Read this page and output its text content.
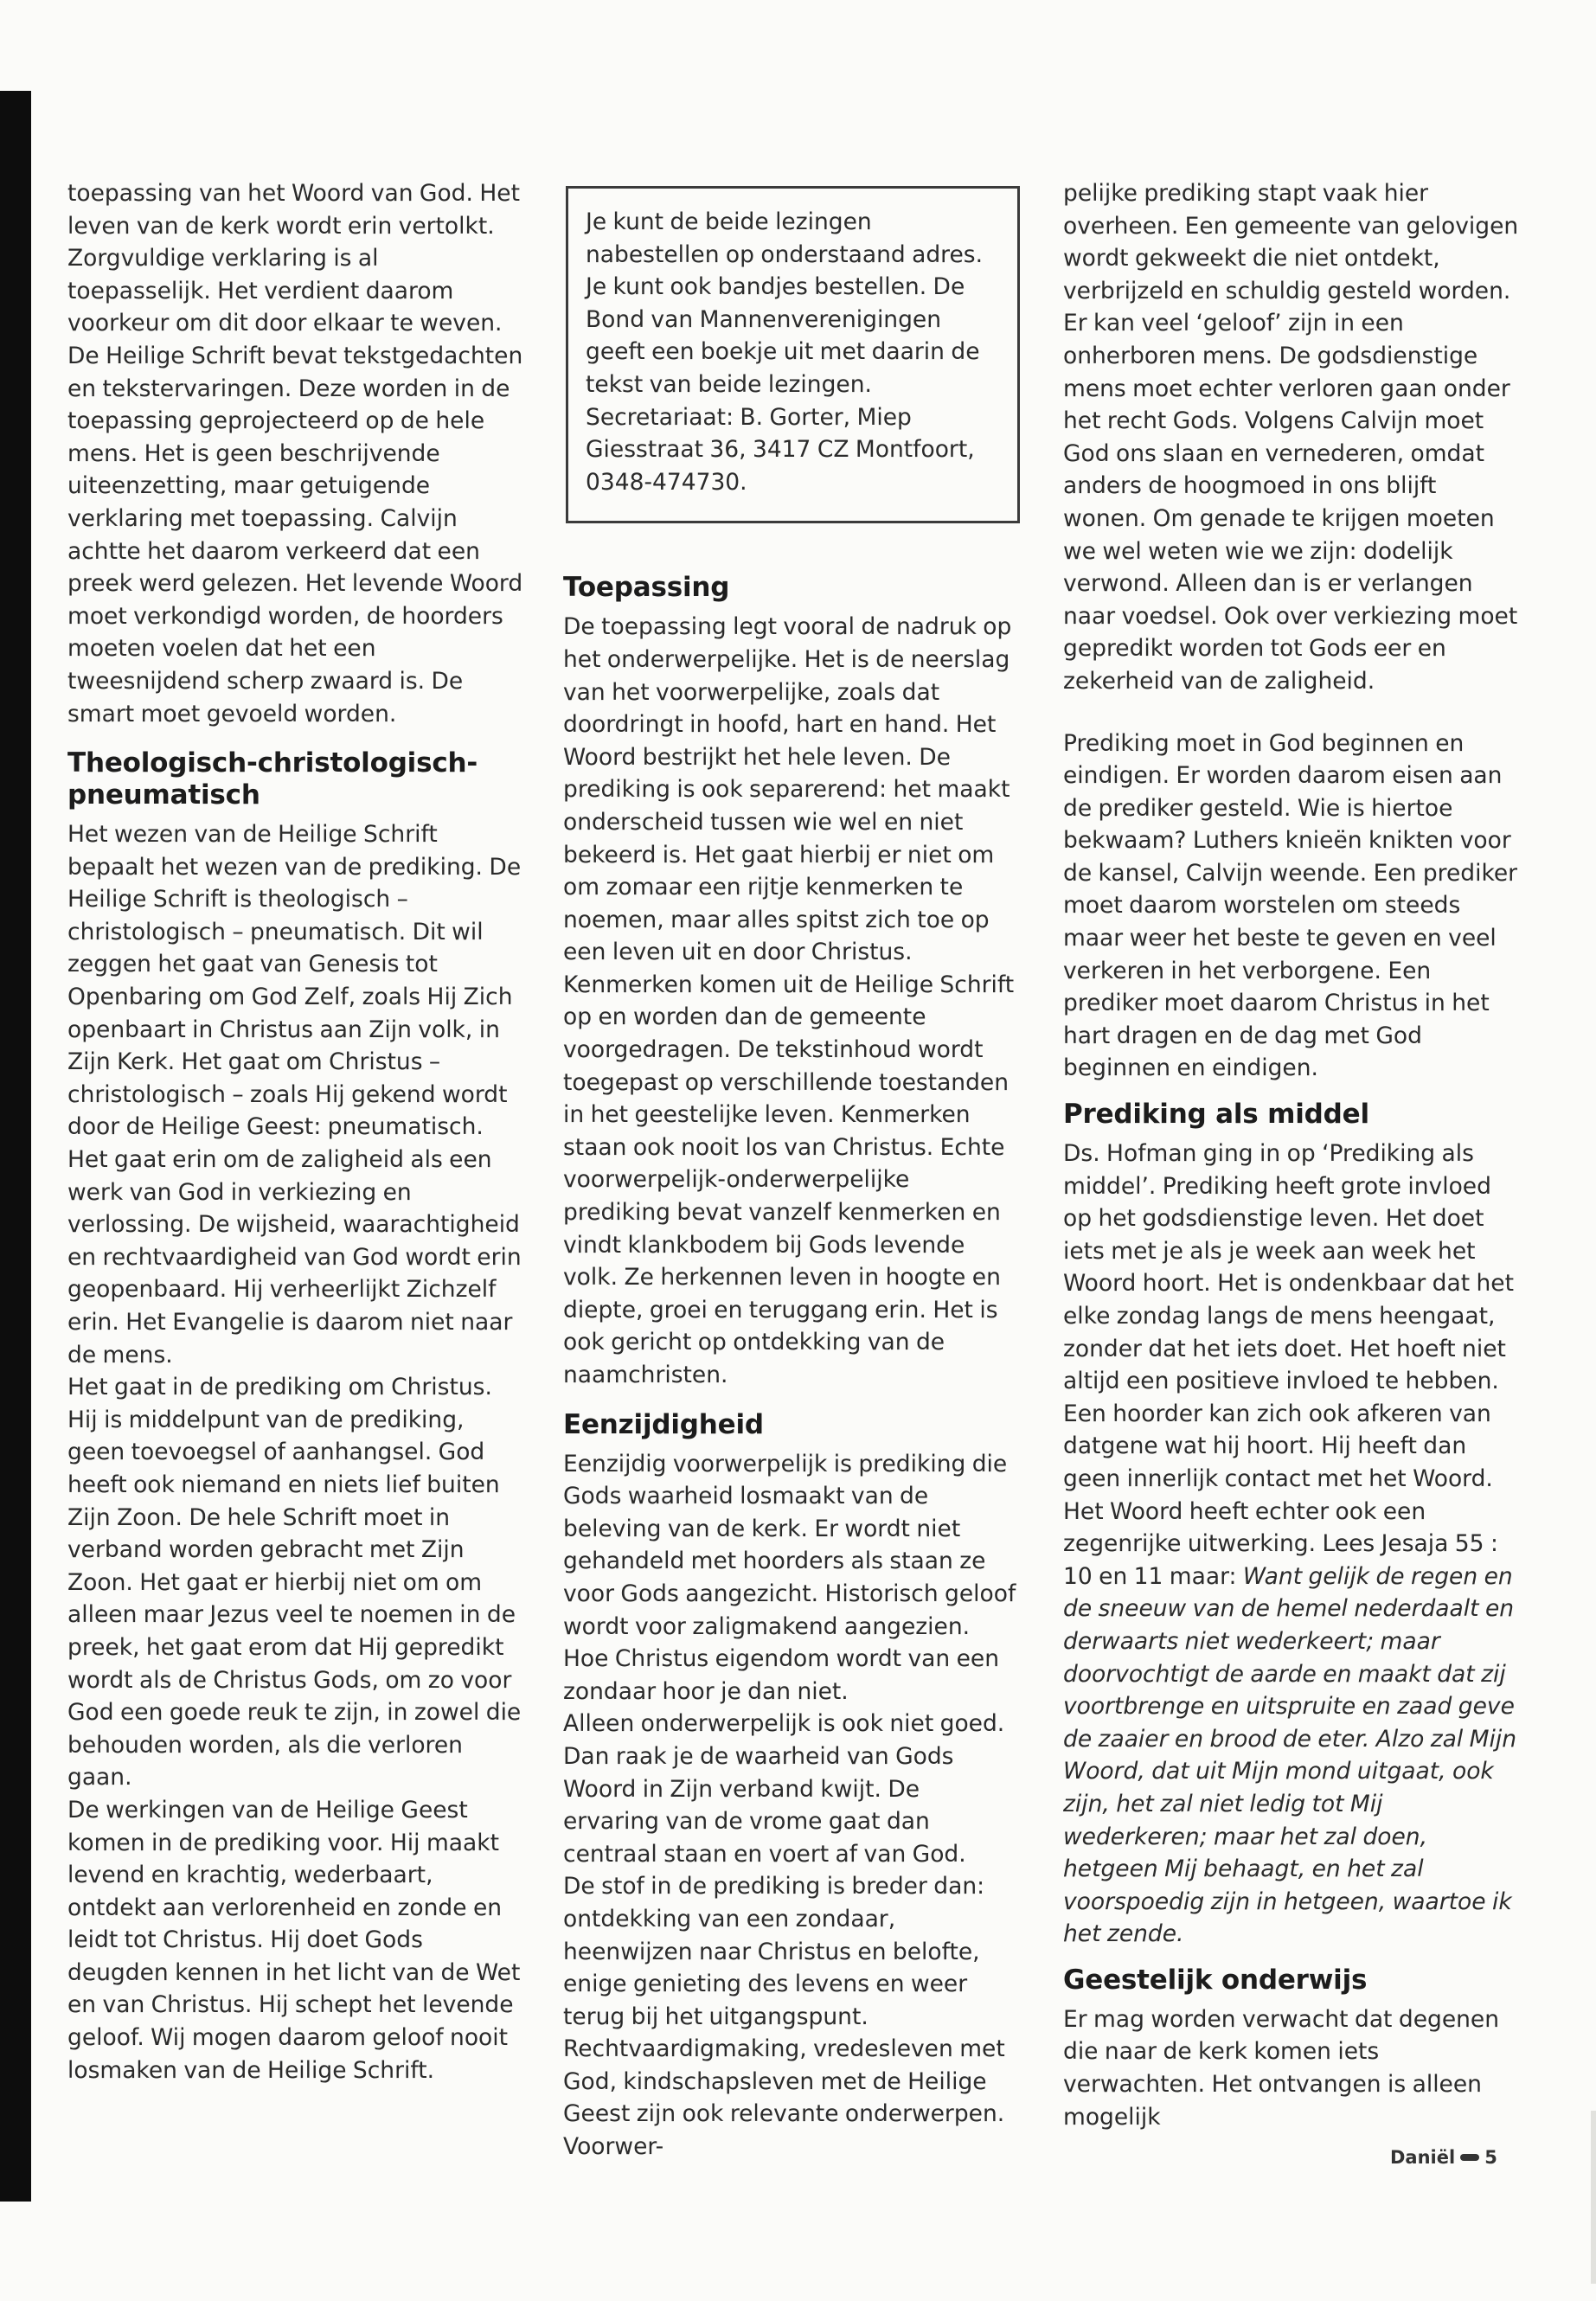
toepassing van het Woord van God. Het leven van de kerk wordt erin vertolkt. Zorgvuldige verklaring is al toepasselijk. Het verdient daarom voorkeur om dit door elkaar te weven. De Heilige Schrift bevat tekstgedachten en tekstervaringen. Deze worden in de toepassing geprojecteerd op de hele mens. Het is geen beschrijvende uiteenzetting, maar getuigende verklaring met toepassing. Calvijn achtte het daarom verkeerd dat een preek werd gelezen. Het levende Woord moet verkondigd worden, de hoorders moeten voelen dat het een tweesnijdend scherp zwaard is. De smart moet gevoeld worden.

Theologisch-christologisch-pneumatisch

Het wezen van de Heilige Schrift bepaalt het wezen van de prediking. De Heilige Schrift is theologisch – christologisch – pneumatisch. Dit wil zeggen het gaat van Genesis tot Openbaring om God Zelf, zoals Hij Zich openbaart in Christus aan Zijn volk, in Zijn Kerk. Het gaat om Christus – christologisch – zoals Hij gekend wordt door de Heilige Geest: pneumatisch.

Het gaat erin om de zaligheid als een werk van God in verkiezing en verlossing. De wijsheid, waarachtigheid en rechtvaardigheid van God wordt erin geopenbaard. Hij verheerlijkt Zichzelf erin. Het Evangelie is daarom niet naar de mens.

Het gaat in de prediking om Christus. Hij is middelpunt van de prediking, geen toevoegsel of aanhangsel. God heeft ook niemand en niets lief buiten Zijn Zoon. De hele Schrift moet in verband worden gebracht met Zijn Zoon. Het gaat er hierbij niet om om alleen maar Jezus veel te noemen in de preek, het gaat erom dat Hij gepredikt wordt als de Christus Gods, om zo voor God een goede reuk te zijn, in zowel die behouden worden, als die verloren gaan.

De werkingen van de Heilige Geest komen in de prediking voor. Hij maakt levend en krachtig, wederbaart, ontdekt aan verlorenheid en zonde en leidt tot Christus. Hij doet Gods deugden kennen in het licht van de Wet en van Christus. Hij schept het levende geloof. Wij mogen daarom geloof nooit losmaken van de Heilige Schrift.

Je kunt de beide lezingen nabestellen op onderstaand adres. Je kunt ook bandjes bestellen. De Bond van Mannenverenigingen geeft een boekje uit met daarin de tekst van beide lezingen.

Secretariaat: B. Gorter, Miep Giesstraat 36, 3417 CZ Montfoort, 0348-474730.

Toepassing

De toepassing legt vooral de nadruk op het onderwerpelijke. Het is de neerslag van het voorwerpelijke, zoals dat doordringt in hoofd, hart en hand. Het Woord bestrijkt het hele leven. De prediking is ook separerend: het maakt onderscheid tussen wie wel en niet bekeerd is. Het gaat hierbij er niet om om zomaar een rijtje kenmerken te noemen, maar alles spitst zich toe op een leven uit en door Christus. Kenmerken komen uit de Heilige Schrift op en worden dan de gemeente voorgedragen. De tekstinhoud wordt toegepast op verschillende toestanden in het geestelijke leven. Kenmerken staan ook nooit los van Christus. Echte voorwerpelijk-onderwerpelijke prediking bevat vanzelf kenmerken en vindt klankbodem bij Gods levende volk. Ze herkennen leven in hoogte en diepte, groei en teruggang erin. Het is ook gericht op ontdekking van de naamchristen.

Eenzijdigheid

Eenzijdig voorwerpelijk is prediking die Gods waarheid losmaakt van de beleving van de kerk. Er wordt niet gehandeld met hoorders als staan ze voor Gods aangezicht. Historisch geloof wordt voor zaligmakend aangezien. Hoe Christus eigendom wordt van een zondaar hoor je dan niet.

Alleen onderwerpelijk is ook niet goed. Dan raak je de waarheid van Gods Woord in Zijn verband kwijt. De ervaring van de vrome gaat dan centraal staan en voert af van God.

De stof in de prediking is breder dan: ontdekking van een zondaar, heenwijzen naar Christus en belofte, enige genieting des levens en weer terug bij het uitgangspunt. Rechtvaardigmaking, vredesleven met God, kindschapsleven met de Heilige Geest zijn ook relevante onderwerpen. Voorwer-

pelijke prediking stapt vaak hier overheen. Een gemeente van gelovigen wordt gekweekt die niet ontdekt, verbrijzeld en schuldig gesteld worden. Er kan veel ‘geloof’ zijn in een onherboren mens. De godsdienstige mens moet echter verloren gaan onder het recht Gods. Volgens Calvijn moet God ons slaan en vernederen, omdat anders de hoogmoed in ons blijft wonen. Om genade te krijgen moeten we wel weten wie we zijn: dodelijk verwond. Alleen dan is er verlangen naar voedsel. Ook over verkiezing moet gepredikt worden tot Gods eer en zekerheid van de zaligheid.

Prediking moet in God beginnen en eindigen. Er worden daarom eisen aan de prediker gesteld. Wie is hiertoe bekwaam? Luthers knieën knikten voor de kansel, Calvijn weende. Een prediker moet daarom worstelen om steeds maar weer het beste te geven en veel verkeren in het verborgene. Een prediker moet daarom Christus in het hart dragen en de dag met God beginnen en eindigen.

Prediking als middel

Ds. Hofman ging in op ‘Prediking als middel’. Prediking heeft grote invloed op het godsdienstige leven. Het doet iets met je als je week aan week het Woord hoort. Het is ondenkbaar dat het elke zondag langs de mens heengaat, zonder dat het iets doet. Het hoeft niet altijd een positieve invloed te hebben. Een hoorder kan zich ook afkeren van datgene wat hij hoort. Hij heeft dan geen innerlijk contact met het Woord. Het Woord heeft echter ook een zegenrijke uitwerking. Lees Jesaja 55 : 10 en 11 maar: Want gelijk de regen en de sneeuw van de hemel nederdaalt en derwaarts niet wederkeert; maar doorvochtigt de aarde en maakt dat zij voortbrenge en uitspruite en zaad geve de zaaier en brood de eter. Alzo zal Mijn Woord, dat uit Mijn mond uitgaat, ook zijn, het zal niet ledig tot Mij wederkeren; maar het zal doen, hetgeen Mij behaagt, en het zal voorspoedig zijn in hetgeen, waartoe ik het zende.

Geestelijk onderwijs

Er mag worden verwacht dat degenen die naar de kerk komen iets verwachten. Het ontvangen is alleen mogelijk

Daniël 5
